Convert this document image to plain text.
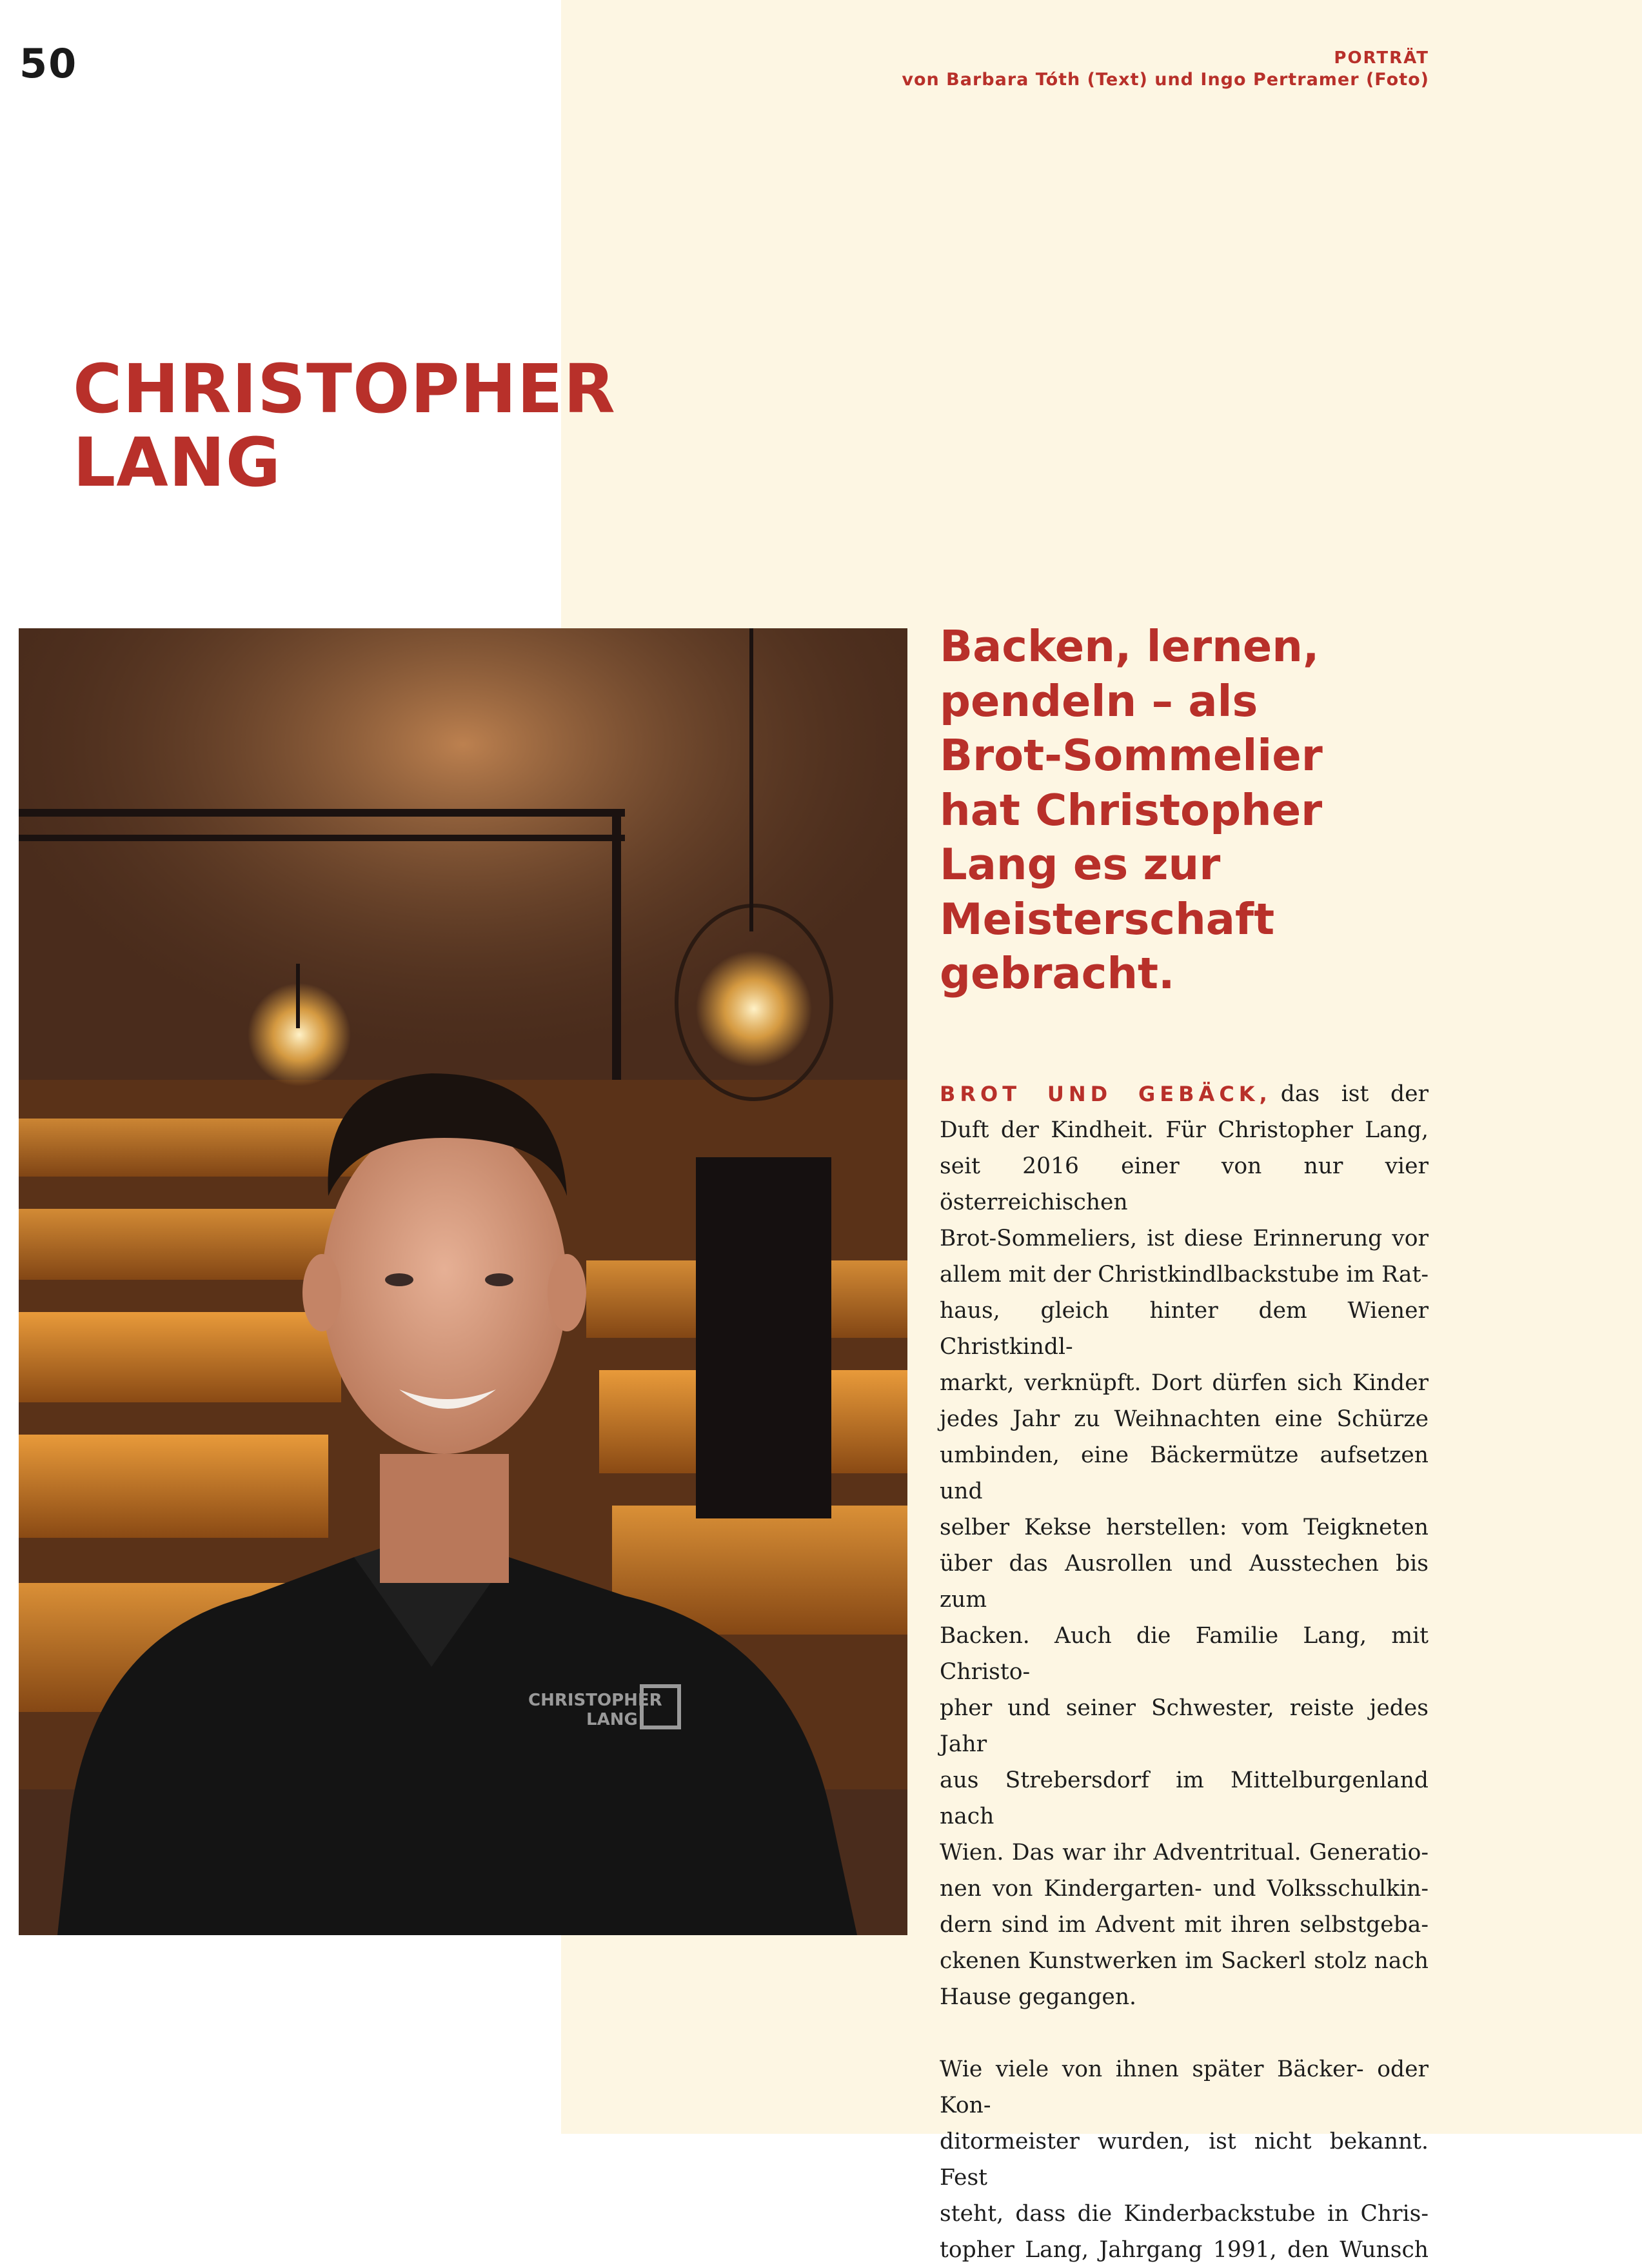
50	PORTRÄT
von Barbara Tóth (Text) und Ingo Pertramer (Foto)
CHRISTOPHER
LANG
CHRISTOPHER
LANG
Backen, lernen,
pendeln – als
Brot-Sommelier
hat Christopher
Lang es zur
Meisterschaft
gebracht.
BROT UND GEBÄCK, das ist der
Duft der Kindheit. Für Christopher Lang,
seit 2016 einer von nur vier österreichischen
Brot-Sommeliers, ist diese Erinnerung vor
allem mit der Christkindlbackstube im Rat-
haus, gleich hinter dem Wiener Christkindl-
markt, verknüpft. Dort dürfen sich Kinder
jedes Jahr zu Weihnachten eine Schürze
umbinden, eine Bäckermütze aufsetzen und
selber Kekse herstellen: vom Teigkneten
über das Ausrollen und Ausstechen bis zum
Backen. Auch die Familie Lang, mit Christo-
pher und seiner Schwester, reiste jedes Jahr
aus Strebersdorf im Mittelburgenland nach
Wien. Das war ihr Adventritual. Generatio-
nen von Kindergarten- und Volksschulkin-
dern sind im Advent mit ihren selbstgeba-
ckenen Kunstwerken im Sackerl stolz nach
Hause gegangen.
Wie viele von ihnen später Bäcker- oder Kon-
ditormeister wurden, ist nicht bekannt. Fest
steht, dass die Kinderbackstube in Chris-
topher Lang, Jahrgang 1991, den Wunsch
